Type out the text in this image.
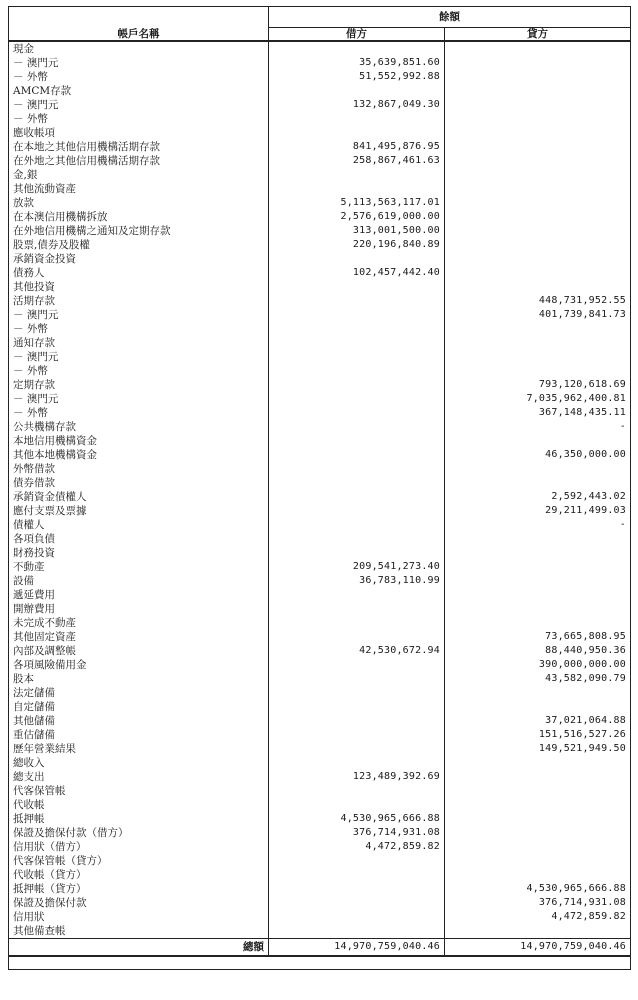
	餘額	
帳戶名稱	借方	貸方
現金		
－ 澳門元	35,639,851.60	
－ 外幣	51,552,992.88	
AMCM存款		
－ 澳門元	132,867,049.30	
－ 外幣		
應收帳項		
在本地之其他信用機構活期存款	841,495,876.95	
在外地之其他信用機構活期存款	258,867,461.63	
金,銀		
其他流動資產		
放款	5,113,563,117.01	
在本澳信用機構拆放	2,576,619,000.00	
在外地信用機構之通知及定期存款	313,001,500.00	
股票,債券及股權	220,196,840.89	
承銷資金投資		
債務人	102,457,442.40	
其他投資		
活期存款		448,731,952.55
－ 澳門元		401,739,841.73
－ 外幣		
通知存款		
－ 澳門元		
－ 外幣		
定期存款		793,120,618.69
－ 澳門元		7,035,962,400.81
－ 外幣		367,148,435.11
公共機構存款		-
本地信用機構資金		
其他本地機構資金		46,350,000.00
外幣借款		
債券借款		
承銷資金債權人		2,592,443.02
應付支票及票據		29,211,499.03
債權人		-
各項負債		
財務投資		
不動產	209,541,273.40	
設備	36,783,110.99	
遞延費用		
開辦費用		
未完成不動產		
其他固定資產		73,665,808.95
內部及調整帳	42,530,672.94	88,440,950.36
各項風險備用金		390,000,000.00
股本		43,582,090.79
法定儲備		
自定儲備		
其他儲備		37,021,064.88
重估儲備		151,516,527.26
歷年營業結果		149,521,949.50
總收入		
總支出	123,489,392.69	
代客保管帳		
代收帳		
抵押帳	4,530,965,666.88	
保證及擔保付款（借方）	376,714,931.08	
信用狀（借方）	4,472,859.82	
代客保管帳（貸方）		
代收帳（貸方）		
抵押帳（貸方）		4,530,965,666.88
保證及擔保付款		376,714,931.08
信用狀		4,472,859.82
其他備查帳		
總額	14,970,759,040.46	14,970,759,040.46
